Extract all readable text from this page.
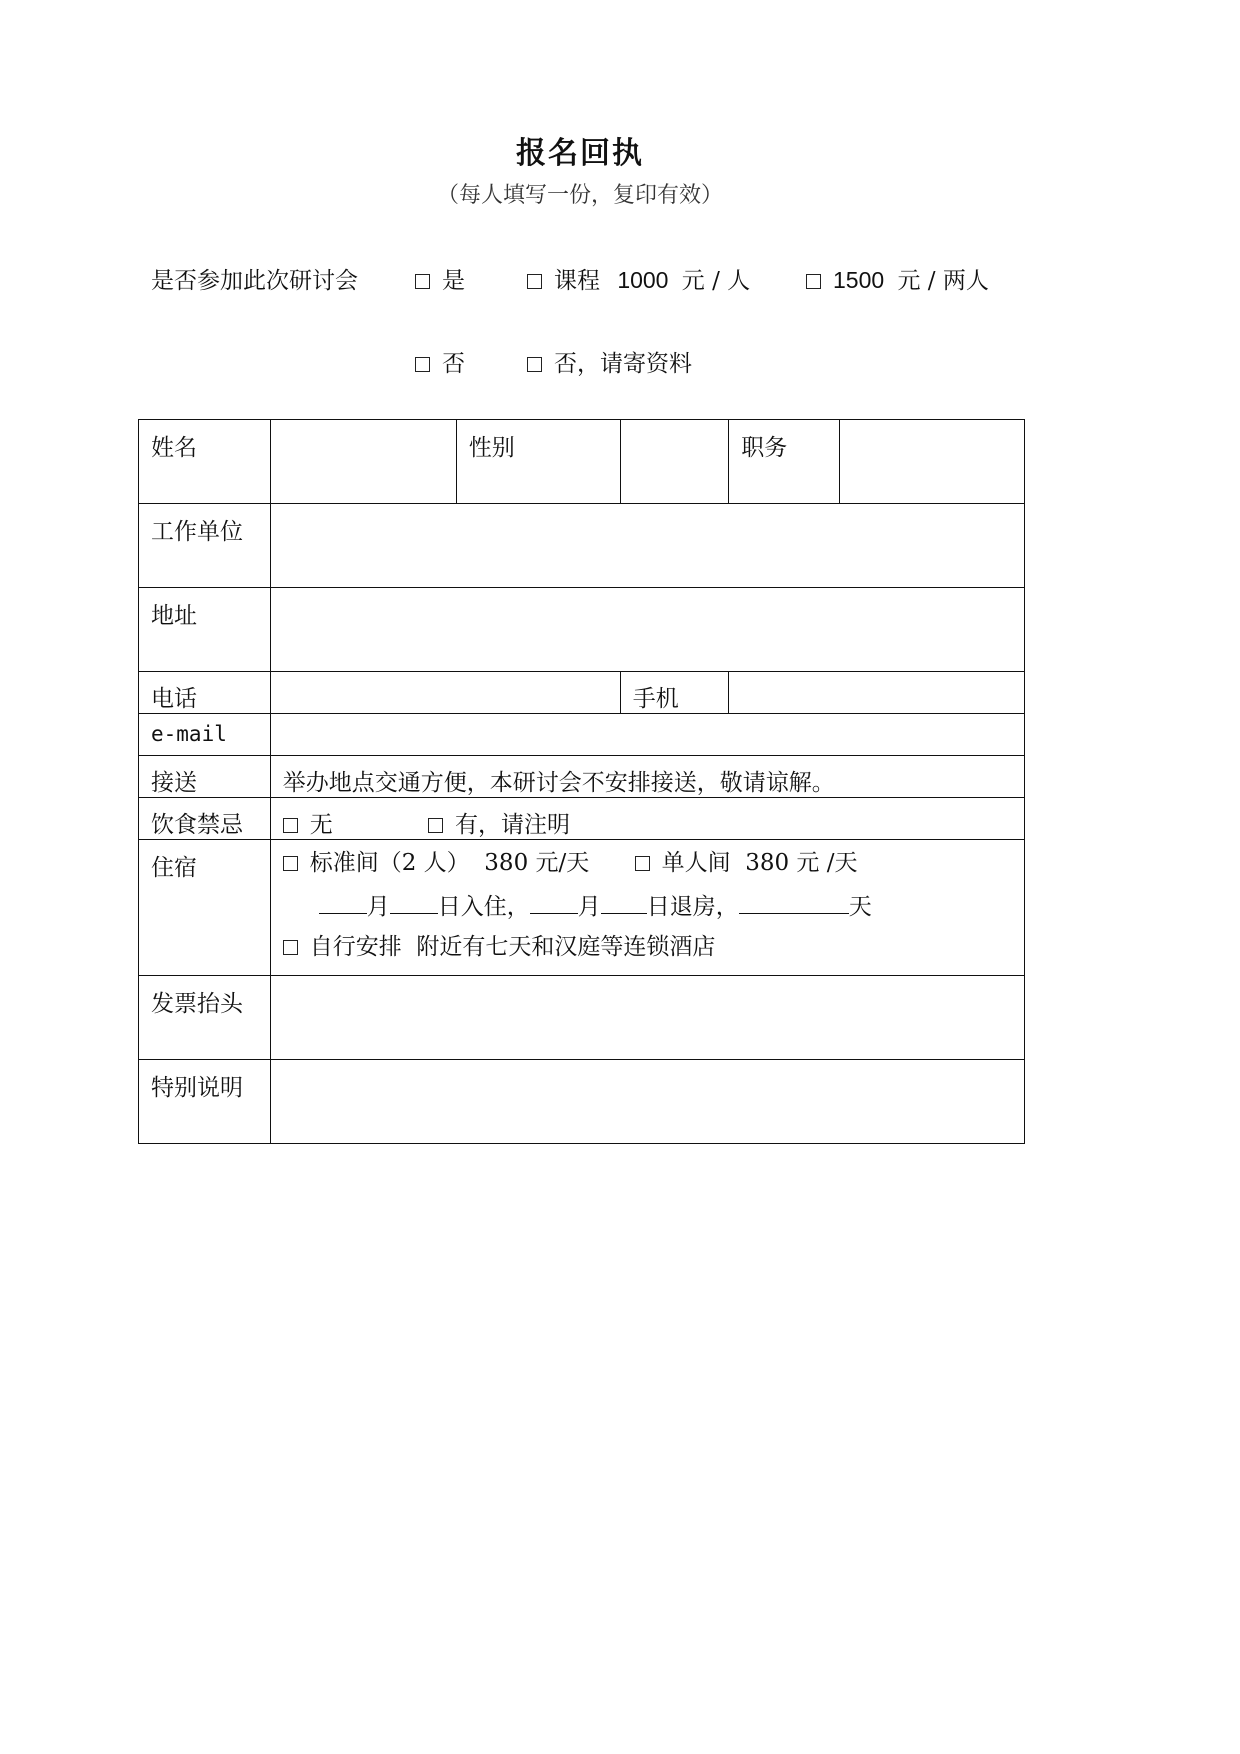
报名回执
（每人填写一份，复印有效）
是否参加此次研讨会	是	课程 1000 元 / 人	1500 元 / 两人
否	否，请寄资料
姓名		性别		职务	
工作单位					
地址					
电话			手机		
e-mail					
接送	举办地点交通方便，本研讨会不安排接送，敬请谅解。				
饮食禁忌	无 有，请注明				
住宿	标准间（2 人）  380 元/天 单人间  380 元 /天
月 日入住， 月 日退房， 天
自行安排  附近有七天和汉庭等连锁酒店				

发票抬头					
特别说明					
